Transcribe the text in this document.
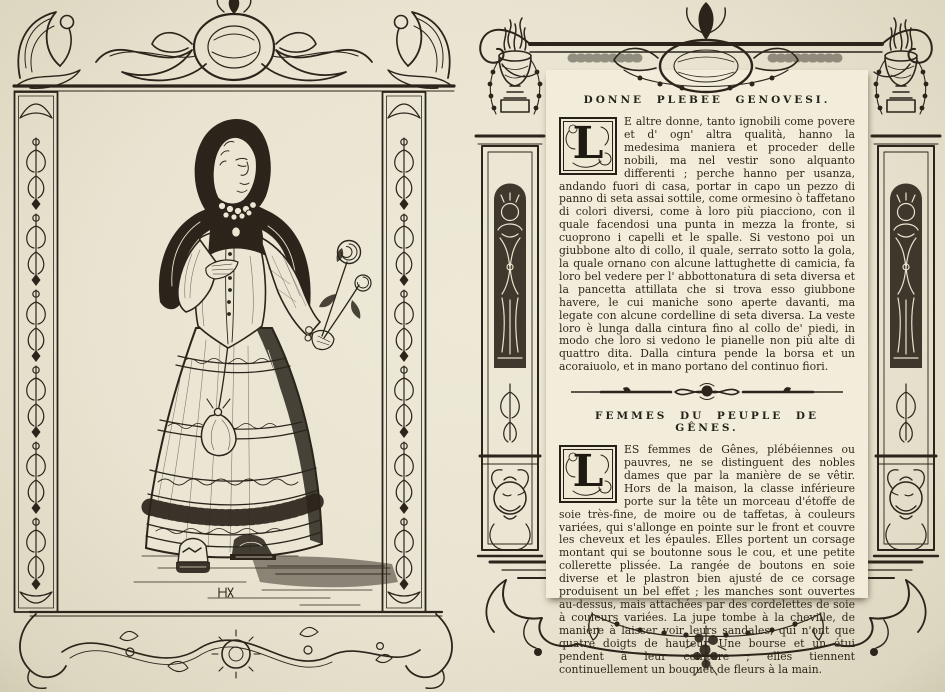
DONNE PLEBEE GENOVESI.

L	E altre donne, tanto ignobili come povere et d' ogn' altra qualità, hanno la medesima maniera et proceder delle nobili, ma nel vestir sono alquanto differenti ; perche hanno per usanza, andando fuori di casa, portar in capo un pezzo di panno di seta assai sottile, come ormesino ò taffetano di colori diversi, come à loro più piacciono, con il quale facendosi una punta in mezza la fronte, si cuoprono i capelli et le spalle. Si vestono poi un giubbone alto di collo, il quale, serrato sotto la gola, la quale ornano con alcune lattughette di camicia, fa loro bel vedere per l' abbottonatura di seta diversa et la pancetta attillata che si trova esso giubbone havere, le cui maniche sono aperte davanti, ma legate con alcune cordelline di seta diversa. La veste loro è lunga dalla cintura fino al collo de' piedi, in modo che loro si vedono le pianelle non più alte di quattro dita. Dalla cintura pende la borsa et un acoraiuolo, et in mano portano del continuo fiori.

FEMMES DU PEUPLE DE GÊNES.

L	ES femmes de Gênes, plébéiennes ou pauvres, ne se distinguent des nobles dames que par la manière de se vêtir. Hors de la maison, la classe inférieure porte sur la tête un morceau d'étoffe de soie très-fine, de moire ou de taffetas, à couleurs variées, qui s'allonge en pointe sur le front et couvre les cheveux et les épaules. Elles portent un corsage montant qui se boutonne sous le cou, et une petite collerette plissée. La rangée de boutons en soie diverse et le plastron bien ajusté de ce corsage produisent un bel effet ; les manches sont ouvertes au-dessus, mais attachées par des cordelettes de soie à couleurs variées. La jupe tombe à la cheville, de manière à laisser voir leurs sandales, qui n'ont que quatre doigts de hauteur. Une bourse et un étui pendent à leur ceinture ; elles tiennent continuellement un bouquet de fleurs à la main.
